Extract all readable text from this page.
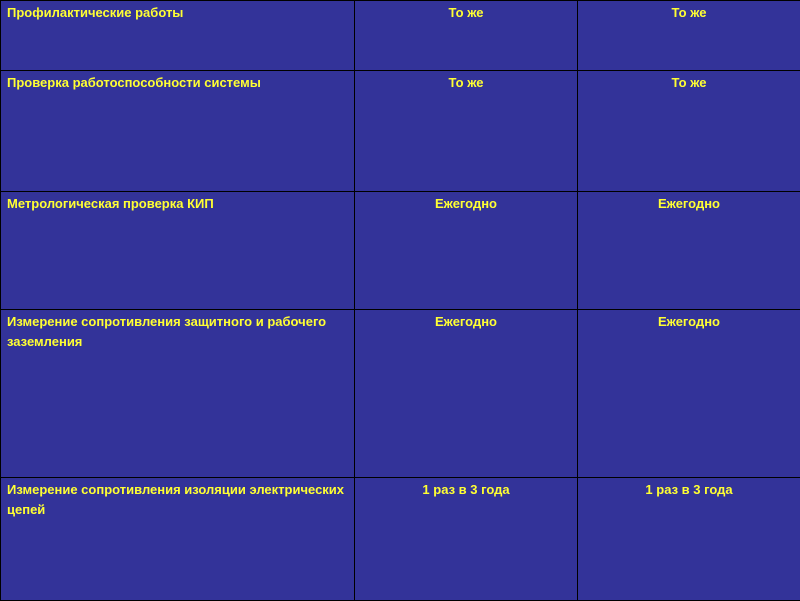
Профилактические работы	То же	То же
Проверка работоспособности системы	То же	То же
Метрологическая проверка КИП	Ежегодно	Ежегодно
Измерение сопротивления защитного и рабочего заземления	Ежегодно	Ежегодно
Измерение сопротивления изоляции электрических цепей	1 раз в 3 года	1 раз в 3 года
